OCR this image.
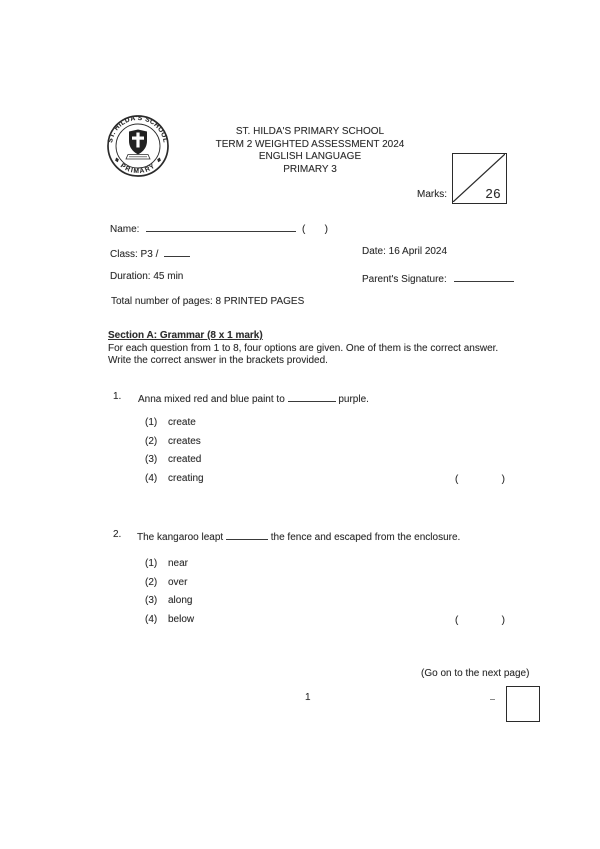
ST. HILDA'S SCHOOL
PRIMARY
ST. HILDA'S PRIMARY SCHOOL
TERM 2 WEIGHTED ASSESSMENT 2024
ENGLISH LANGUAGE
PRIMARY 3
Marks:	26
Name:	( )
Class: P3 /	Date: 16 April 2024
Duration: 45 min	Parent's Signature:
Total number of pages: 8 PRINTED PAGES
Section A: Grammar (8 x 1 mark)
For each question from 1 to 8, four options are given. One of them is the correct answer.
Write the correct answer in the brackets provided.
1. Anna mixed red and blue paint to	purple.
(1)	create
(2)	creates
(3)	created
(4)	creating	(	)
2. The kangaroo leapt	the fence and escaped from the enclosure.
(1)	near
(2)	over
(3)	along
(4)	below	(	)
(Go on to the next page)
1
